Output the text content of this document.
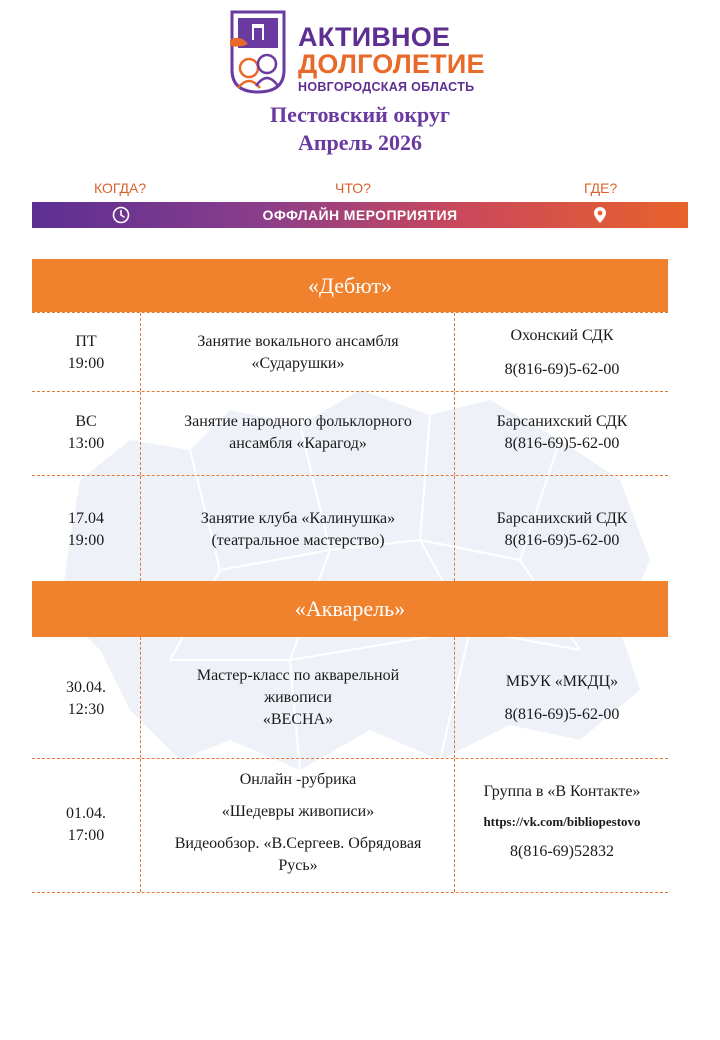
АКТИВНОЕ
ДОЛГОЛЕТИЕ
НОВГОРОДСКАЯ ОБЛАСТЬ
Пестовский округ
Апрель 2026
КОГДА?	ЧТО?	ГДЕ?
ОФФЛАЙН МЕРОПРИЯТИЯ
«Дебют»

ПТ

19:00

Занятие вокального ансамбля

«Сударушки»

Охонский СДК

8(816-69)5-62-00

ВС

13:00

Занятие народного фольклорного

ансамбля «Карагод»

Барсанихский СДК

8(816-69)5-62-00

17.04

19:00

Занятие клуба «Калинушка»

(театральное мастерство)

Барсанихский СДК

8(816-69)5-62-00

«Акварель»

30.04.

12:30

Мастер-класс по акварельной

живописи

«ВЕСНА»

МБУК «МКДЦ»

8(816-69)5-62-00

01.04.

17:00

Онлайн -рубрика

«Шедевры живописи»

Видеообзор. «В.Сергеев. Обрядовая

Русь»

Группа в «В Контакте»

https://vk.com/bibliopestovo

8(816-69)52832
